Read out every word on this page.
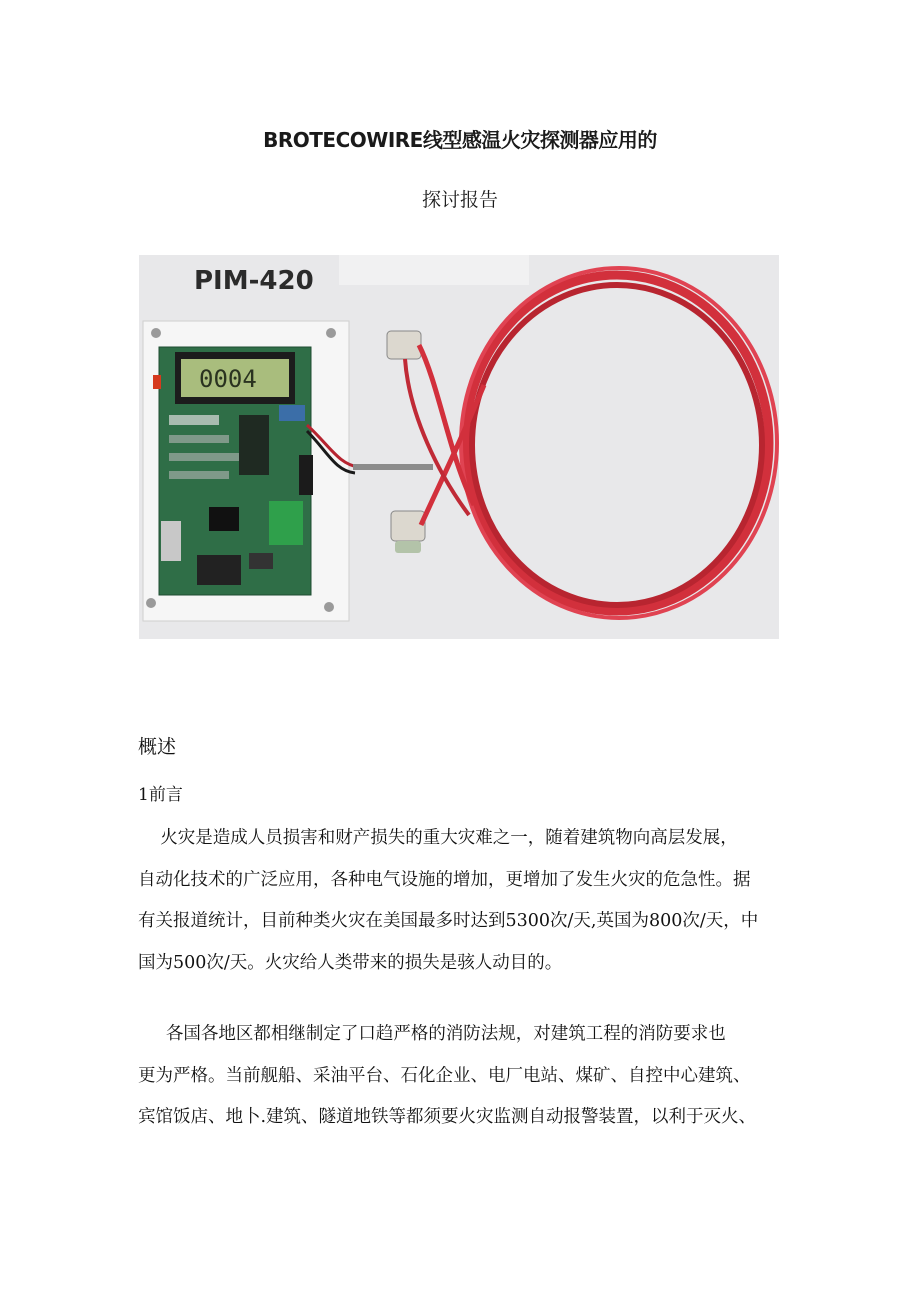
BROTECOWIRE线型感温火灾探测器应用的
探讨报告
PIM-420
0004
概述
1前言
火灾是造成人员损害和财产损失的重大灾难之一，随着建筑物向高层发展，
自动化技术的广泛应用，各种电气设施的增加，更增加了发生火灾的危急性。据
有关报道统计，目前种类火灾在美国最多时达到5300次/天,英国为800次/天，中
国为500次/天。火灾给人类带来的损失是骇人动目的。
各国各地区都相继制定了口趋严格的消防法规，对建筑工程的消防要求也
更为严格。当前舰船、采油平台、石化企业、电厂电站、煤矿、自控中心建筑、
宾馆饭店、地卜.建筑、隧道地铁等都须要火灾监测自动报警装置，以利于灭火、
